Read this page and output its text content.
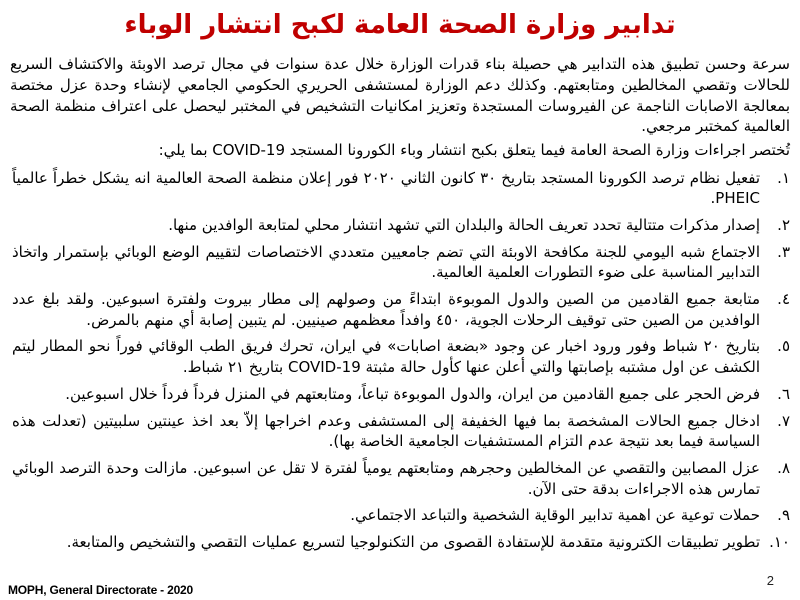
تدابير وزارة الصحة العامة لكبح انتشار الوباء

سرعة وحسن تطبيق هذه التدابير هي حصيلة بناء قدرات الوزارة خلال عدة سنوات في مجال ترصد الاوبئة والاكتشاف السريع للحالات وتقصي المخالطين ومتابعتهم. وكذلك دعم الوزارة لمستشفى الحريري الحكومي الجامعي لإنشاء وحدة عزل مختصة بمعالجة الاصابات الناجمة عن الفيروسات المستجدة وتعزيز امكانيات التشخيص في المختبر ليحصل على اعتراف منظمة الصحة العالمية كمختبر مرجعي.

تُختصر اجراءات وزارة الصحة العامة فيما يتعلق بكبح انتشار وباء الكورونا المستجد COVID-19 بما يلي:

١.
تفعيل نظام ترصد الكورونا المستجد بتاريخ ٣٠ كانون الثاني ٢٠٢٠ فور إعلان منظمة الصحة العالمية انه يشكل خطراً عالمياً PHEIC.
٢.
إصدار مذكرات متتالية تحدد تعريف الحالة والبلدان التي تشهد انتشار محلي لمتابعة الوافدين منها.
٣.
الاجتماع شبه اليومي للجنة مكافحة الاوبئة التي تضم جامعيين متعددي الاختصاصات لتقييم الوضع الوبائي بإستمرار واتخاذ التدابير المناسبة على ضوء التطورات العلمية العالمية.
٤.
متابعة جميع القادمين من الصين والدول الموبوءة ابتداءً من وصولهم إلى مطار بيروت ولفترة اسبوعين. ولقد بلغ عدد الوافدين من الصين حتى توقيف الرحلات الجوية، ٤٥٠ وافداً معظمهم صينيين. لم يتبين إصابة أي منهم بالمرض.
٥.
بتاريخ ٢٠ شباط وفور ورود اخبار عن وجود «بضعة اصابات» في ايران، تحرك فريق الطب الوقائي فوراً نحو المطار ليتم الكشف عن اول مشتبه بإصابتها والتي أعلن عنها كأول حالة مثبتة COVID-19 بتاريخ ٢١ شباط.
٦.
فرض الحجر على جميع القادمين من ايران، والدول الموبوءة تباعاً، ومتابعتهم في المنزل فرداً فرداً خلال اسبوعين.
٧.
ادخال جميع الحالات المشخصة بما فيها الخفيفة إلى المستشفى وعدم اخراجها إلاّ بعد اخذ عينتين سلبيتين (تعدلت هذه السياسة فيما بعد نتيجة عدم التزام المستشفيات الجامعية الخاصة بها).
٨.
عزل المصابين والتقصي عن المخالطين وحجرهم ومتابعتهم يومياً لفترة لا تقل عن اسبوعين. مازالت وحدة الترصد الوبائي تمارس هذه الاجراءات بدقة حتى الآن.
٩.
حملات توعية عن اهمية تدابير الوقاية الشخصية والتباعد الاجتماعي.
١٠.
تطوير تطبيقات الكترونية متقدمة للإستفادة القصوى من التكنولوجيا لتسريع عمليات التقصي والتشخيص والمتابعة.
MOPH, General Directorate - 2020
2
